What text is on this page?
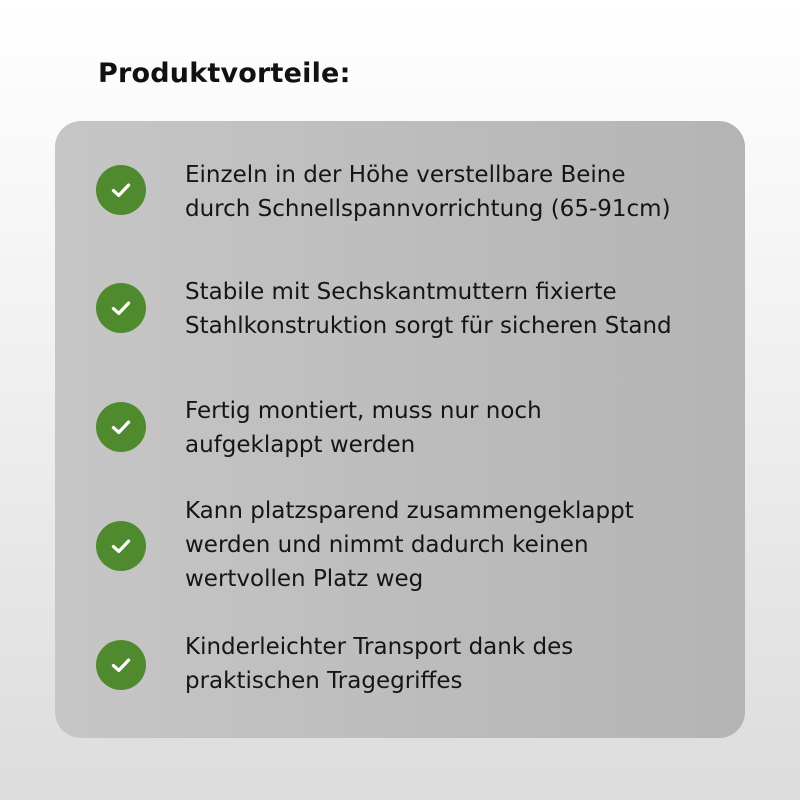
Produktvorteile:
Einzeln in der Höhe verstellbare Beine
durch Schnellspannvorrichtung (65-91cm)
Stabile mit Sechskantmuttern fixierte
Stahlkonstruktion sorgt für sicheren Stand
Fertig montiert, muss nur noch
aufgeklappt werden
Kann platzsparend zusammengeklappt
werden und nimmt dadurch keinen
wertvollen Platz weg
Kinderleichter Transport dank des
praktischen Tragegriffes
